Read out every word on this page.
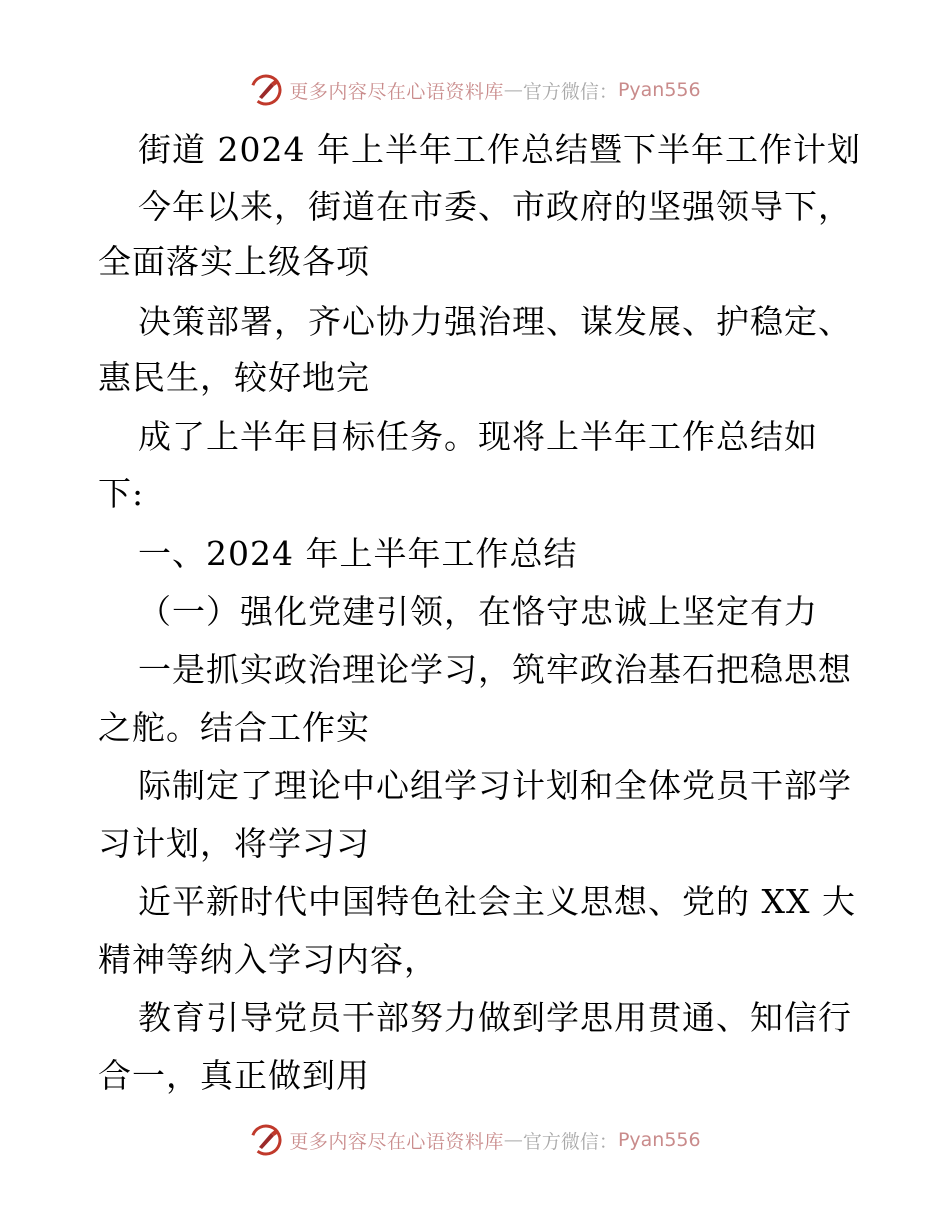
更多内容尽在心语资料库 — 官方微信： Pyan556
街道 2024 年上半年工作总结暨下半年工作计划
今年以来，街道在市委、市政府的坚强领导下，
全面落实上级各项
决策部署，齐心协力强治理、谋发展、护稳定、
惠民生，较好地完
成了上半年目标任务。现将上半年工作总结如
下:
一、2024 年上半年工作总结
（一）强化党建引领，在恪守忠诚上坚定有力
一是抓实政治理论学习，筑牢政治基石把稳思想
之舵。结合工作实
际制定了理论中心组学习计划和全体党员干部学
习计划，将学习习
近平新时代中国特色社会主义思想、党的 XX 大
精神等纳入学习内容，
教育引导党员干部努力做到学思用贯通、知信行
合一，真正做到用
更多内容尽在心语资料库 — 官方微信： Pyan556
